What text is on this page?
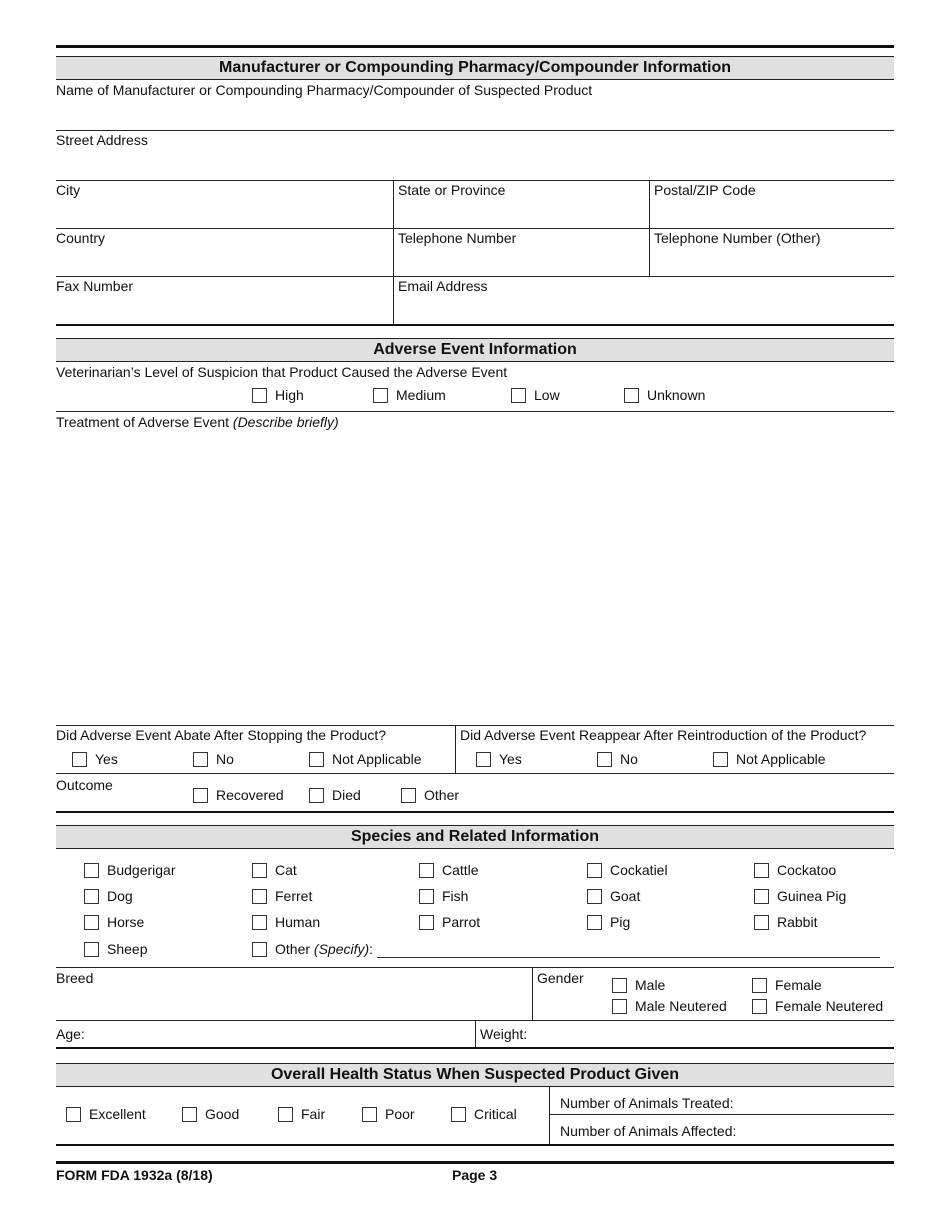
Manufacturer or Compounding Pharmacy/Compounder Information
Name of Manufacturer or Compounding Pharmacy/Compounder of Suspected Product
Street Address
City	State or Province	Postal/ZIP Code
Country	Telephone Number	Telephone Number (Other)
Fax Number	Email Address
Adverse Event Information
Veterinarian’s Level of Suspicion that Product Caused the Adverse Event
High	Medium	Low	Unknown
Treatment of Adverse Event (Describe briefly)
Did Adverse Event Abate After Stopping the Product?
Yes	No	Not Applicable
Did Adverse Event Reappear After Reintroduction of the Product?
Yes	No	Not Applicable
Outcome
Recovered	Died	Other
Species and Related Information
Budgerigar	Cat	Cattle	Cockatiel	Cockatoo
Dog	Ferret	Fish	Goat	Guinea Pig
Horse	Human	Parrot	Pig	Rabbit
Sheep	Other (Specify):
Breed	Gender	Male	Female
Male Neutered	Female Neutered
Age:	Weight:
Overall Health Status When Suspected Product Given
Excellent	Good	Fair	Poor	Critical
Number of Animals Treated:
Number of Animals Affected:
FORM FDA 1932a (8/18)	Page 3
